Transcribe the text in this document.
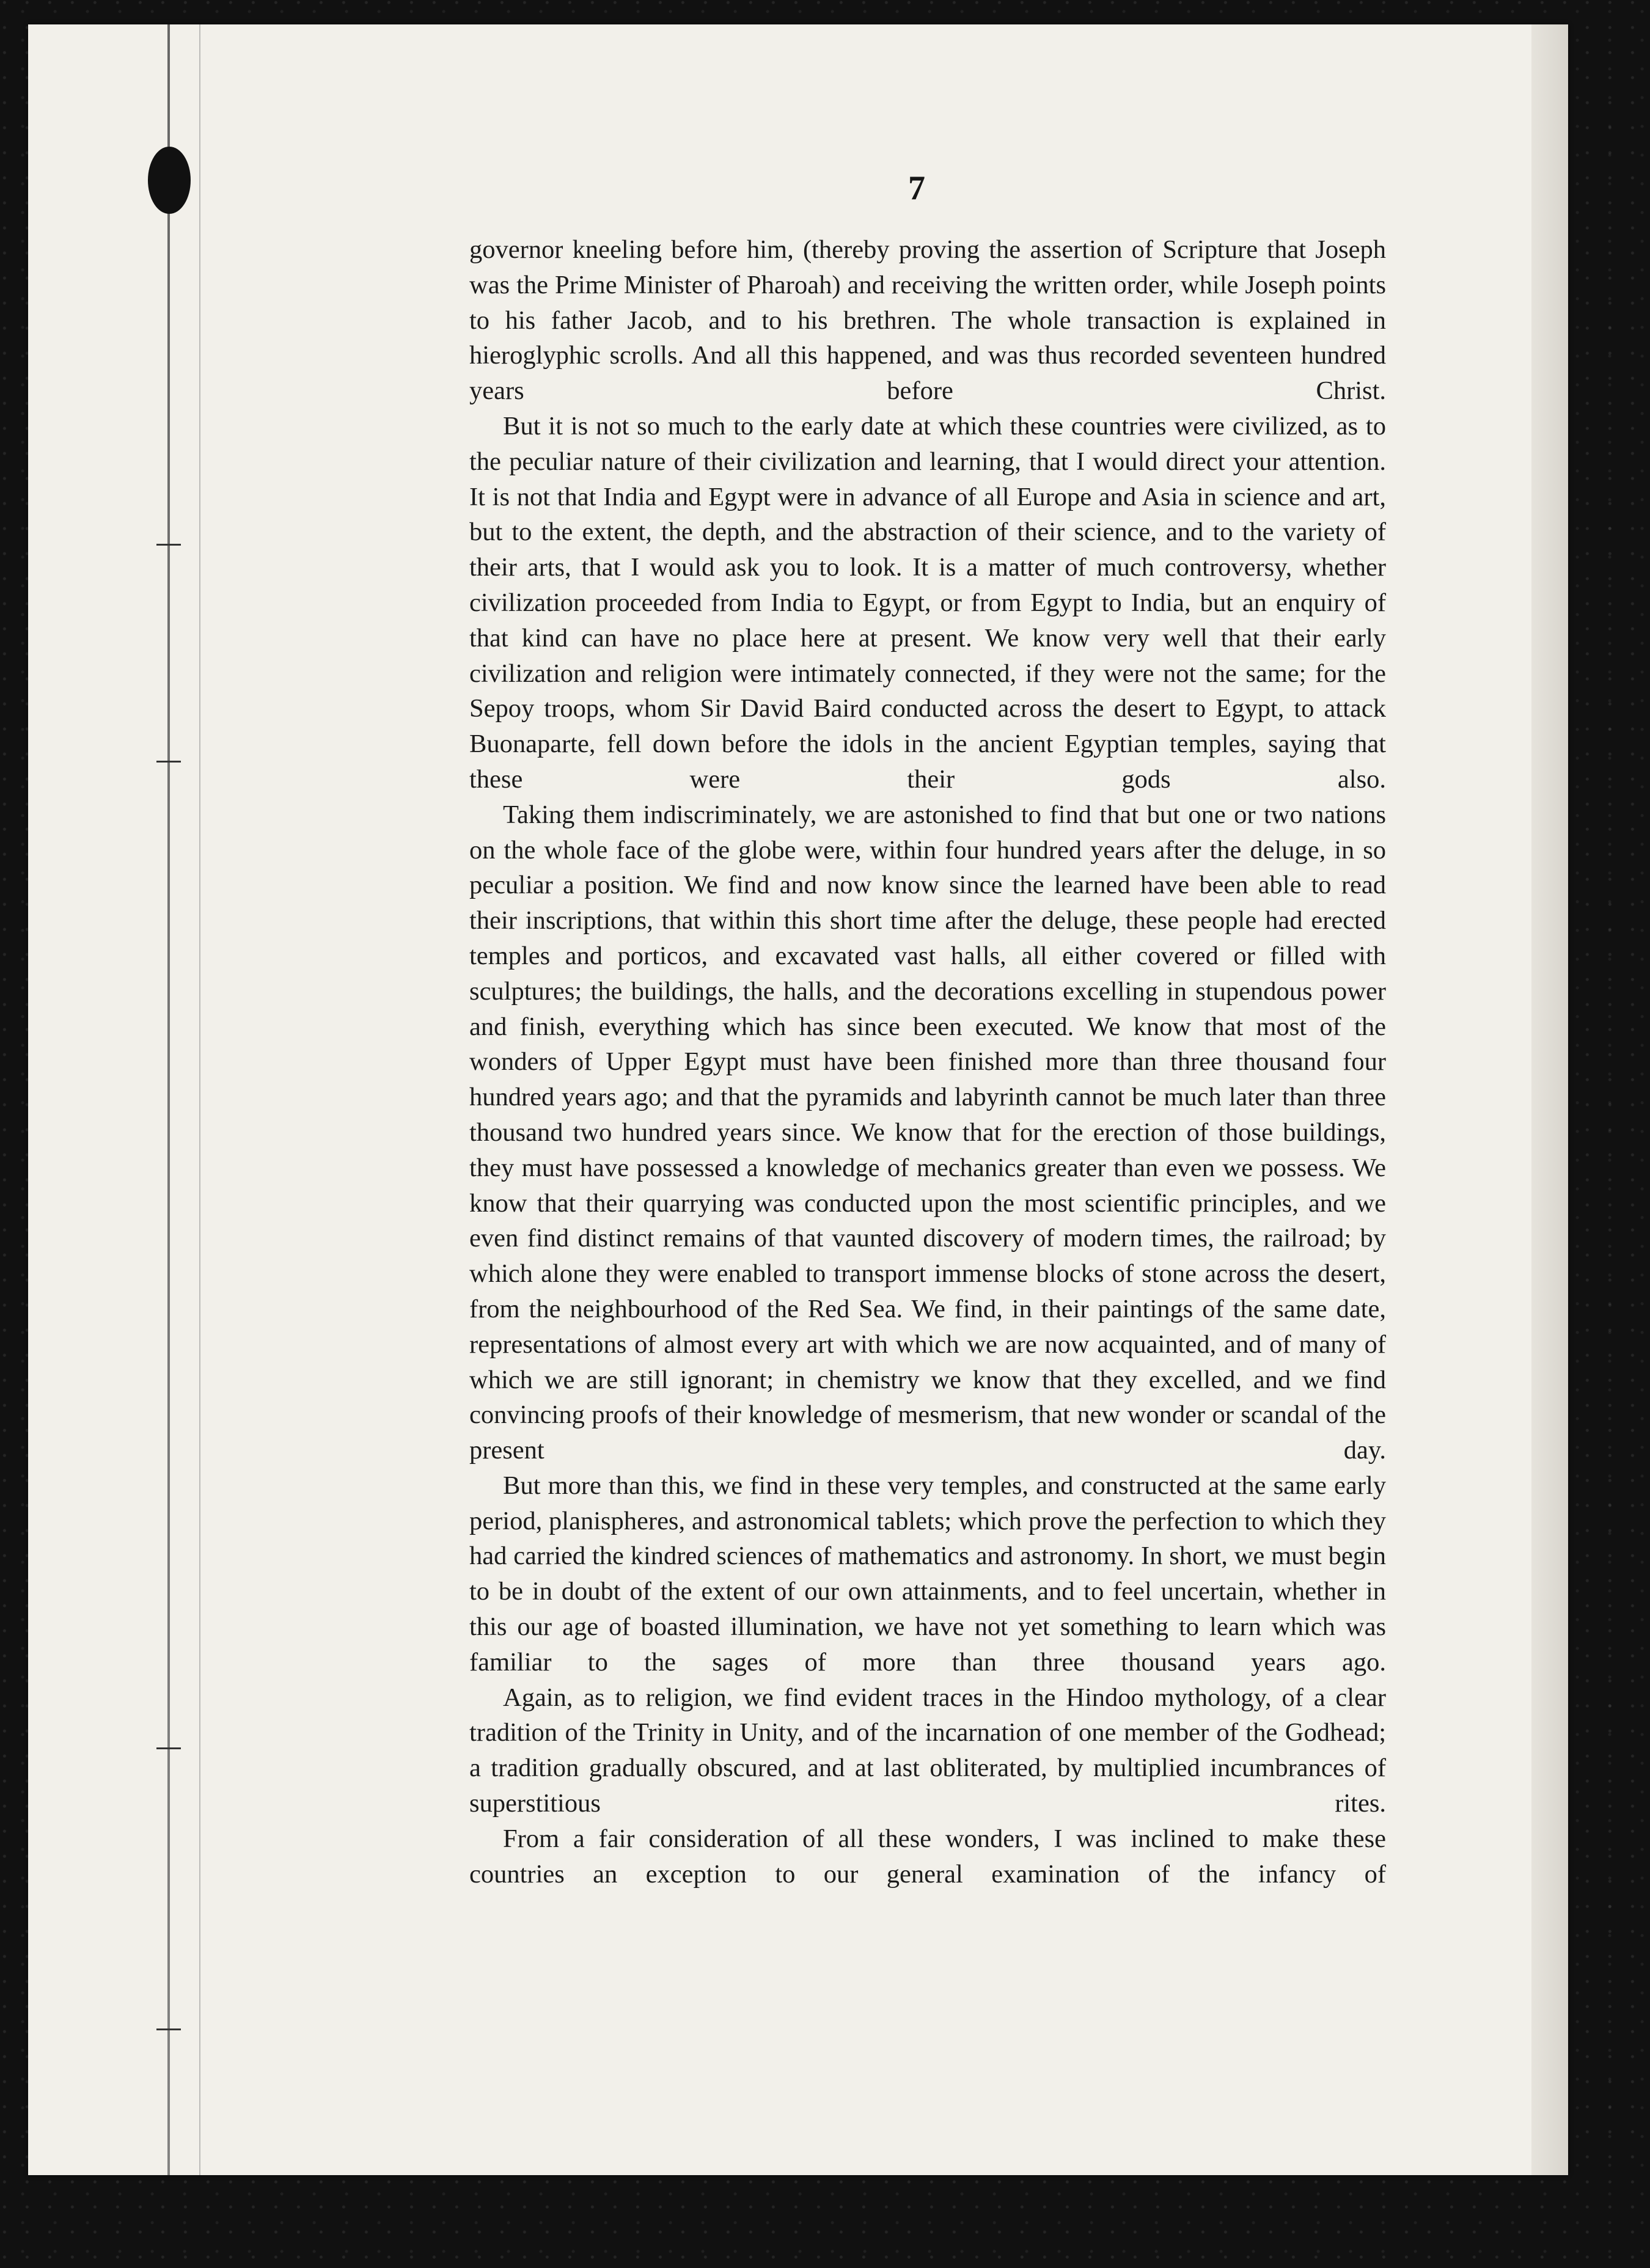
7

governor kneeling before him, (thereby proving the assertion of Scripture that Joseph was the Prime Minister of Pharoah) and receiving the written order, while Joseph points to his father Jacob, and to his brethren. The whole transaction is explained in hieroglyphic scrolls. And all this happened, and was thus recorded seventeen hundred years before Christ.

But it is not so much to the early date at which these countries were civilized, as to the peculiar nature of their civilization and learning, that I would direct your attention. It is not that India and Egypt were in advance of all Europe and Asia in science and art, but to the extent, the depth, and the abstraction of their science, and to the variety of their arts, that I would ask you to look. It is a matter of much controversy, whether civilization proceeded from India to Egypt, or from Egypt to India, but an enquiry of that kind can have no place here at present. We know very well that their early civilization and religion were intimately connected, if they were not the same; for the Sepoy troops, whom Sir David Baird conducted across the desert to Egypt, to attack Buonaparte, fell down before the idols in the ancient Egyptian temples, saying that these were their gods also.

Taking them indiscriminately, we are astonished to find that but one or two nations on the whole face of the globe were, within four hundred years after the deluge, in so peculiar a position. We find and now know since the learned have been able to read their inscriptions, that within this short time after the deluge, these people had erected temples and porticos, and excavated vast halls, all either covered or filled with sculptures; the buildings, the halls, and the decorations excelling in stupendous power and finish, everything which has since been executed. We know that most of the wonders of Upper Egypt must have been finished more than three thousand four hundred years ago; and that the pyramids and labyrinth cannot be much later than three thousand two hundred years since. We know that for the erection of those buildings, they must have possessed a knowledge of mechanics greater than even we possess. We know that their quarrying was conducted upon the most scientific principles, and we even find distinct remains of that vaunted discovery of modern times, the railroad; by which alone they were enabled to transport immense blocks of stone across the desert, from the neighbourhood of the Red Sea. We find, in their paintings of the same date, representations of almost every art with which we are now acquainted, and of many of which we are still ignorant; in chemistry we know that they excelled, and we find convincing proofs of their knowledge of mesmerism, that new wonder or scandal of the present day.

But more than this, we find in these very temples, and constructed at the same early period, planispheres, and astronomical tablets; which prove the perfection to which they had carried the kindred sciences of mathematics and astronomy. In short, we must begin to be in doubt of the extent of our own attainments, and to feel uncertain, whether in this our age of boasted illumination, we have not yet something to learn which was familiar to the sages of more than three thousand years ago.

Again, as to religion, we find evident traces in the Hindoo mythology, of a clear tradition of the Trinity in Unity, and of the incarnation of one member of the Godhead; a tradition gradually obscured, and at last obliterated, by multiplied incumbrances of superstitious rites.

From a fair consideration of all these wonders, I was inclined to make these countries an exception to our general examination of the infancy of
